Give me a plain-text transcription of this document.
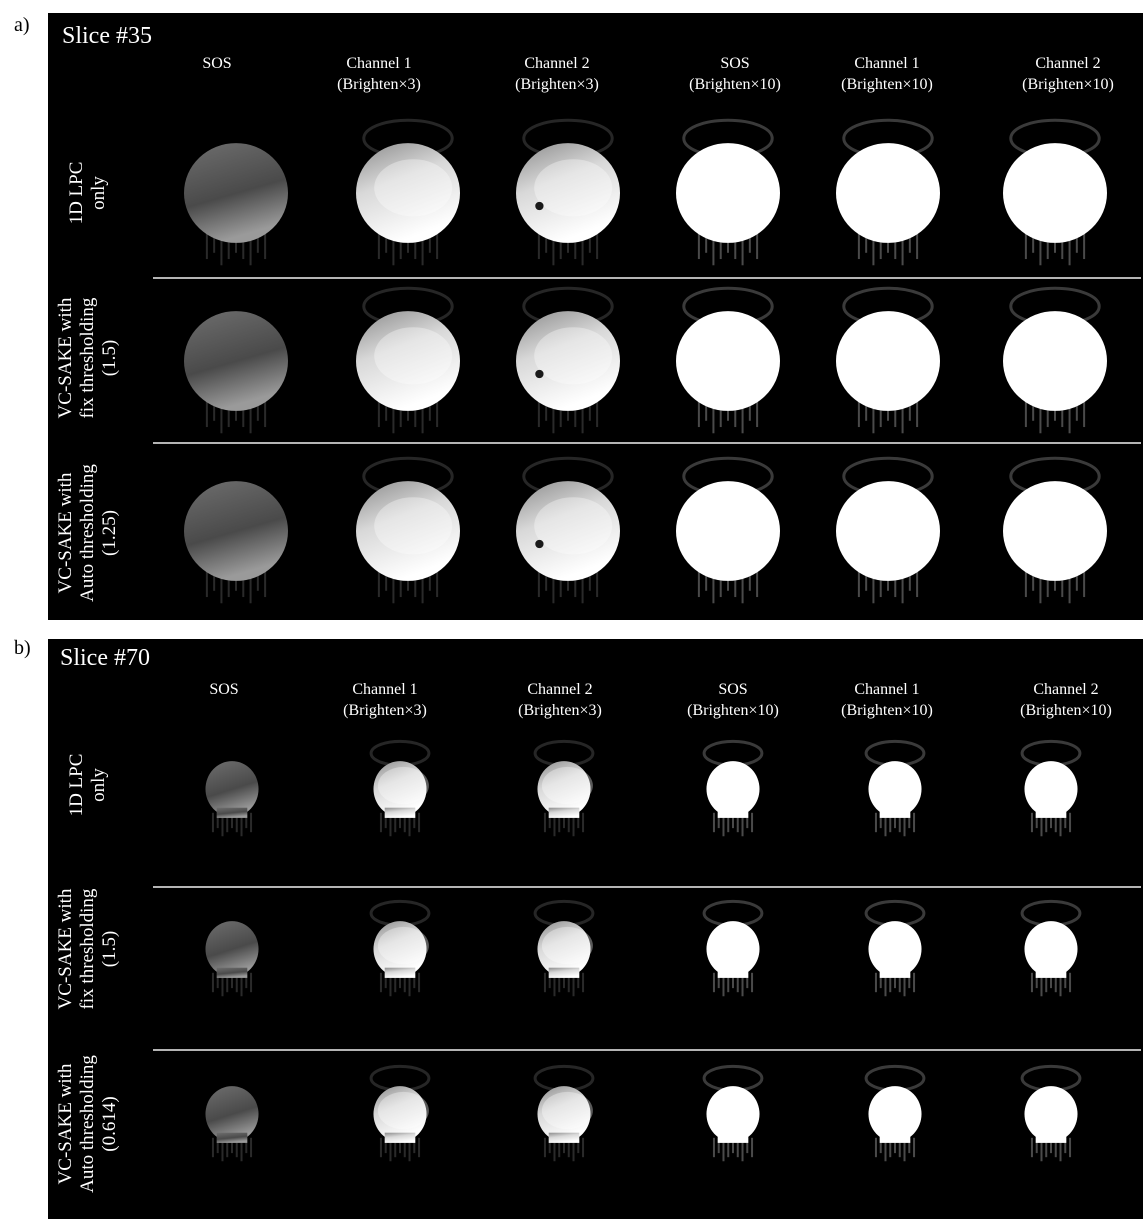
a) Slice #35
SOS	Channel 1
(Brighten×3)
Channel 2
(Brighten×3)
SOS
(Brighten×10)
Channel 1
(Brighten×10)
Channel 2
(Brighten×10)
1D LPC only
VC-SAKE with fix thresholding (1.5)
VC-SAKE with Auto thresholding (1.25)
b) Slice #70
SOS	Channel 1
(Brighten×3)
Channel 2
(Brighten×3)
SOS
(Brighten×10)
Channel 1
(Brighten×10)
Channel 2
(Brighten×10)
1D LPC only
VC-SAKE with fix thresholding (1.5)
VC-SAKE with Auto thresholding (0.614)
